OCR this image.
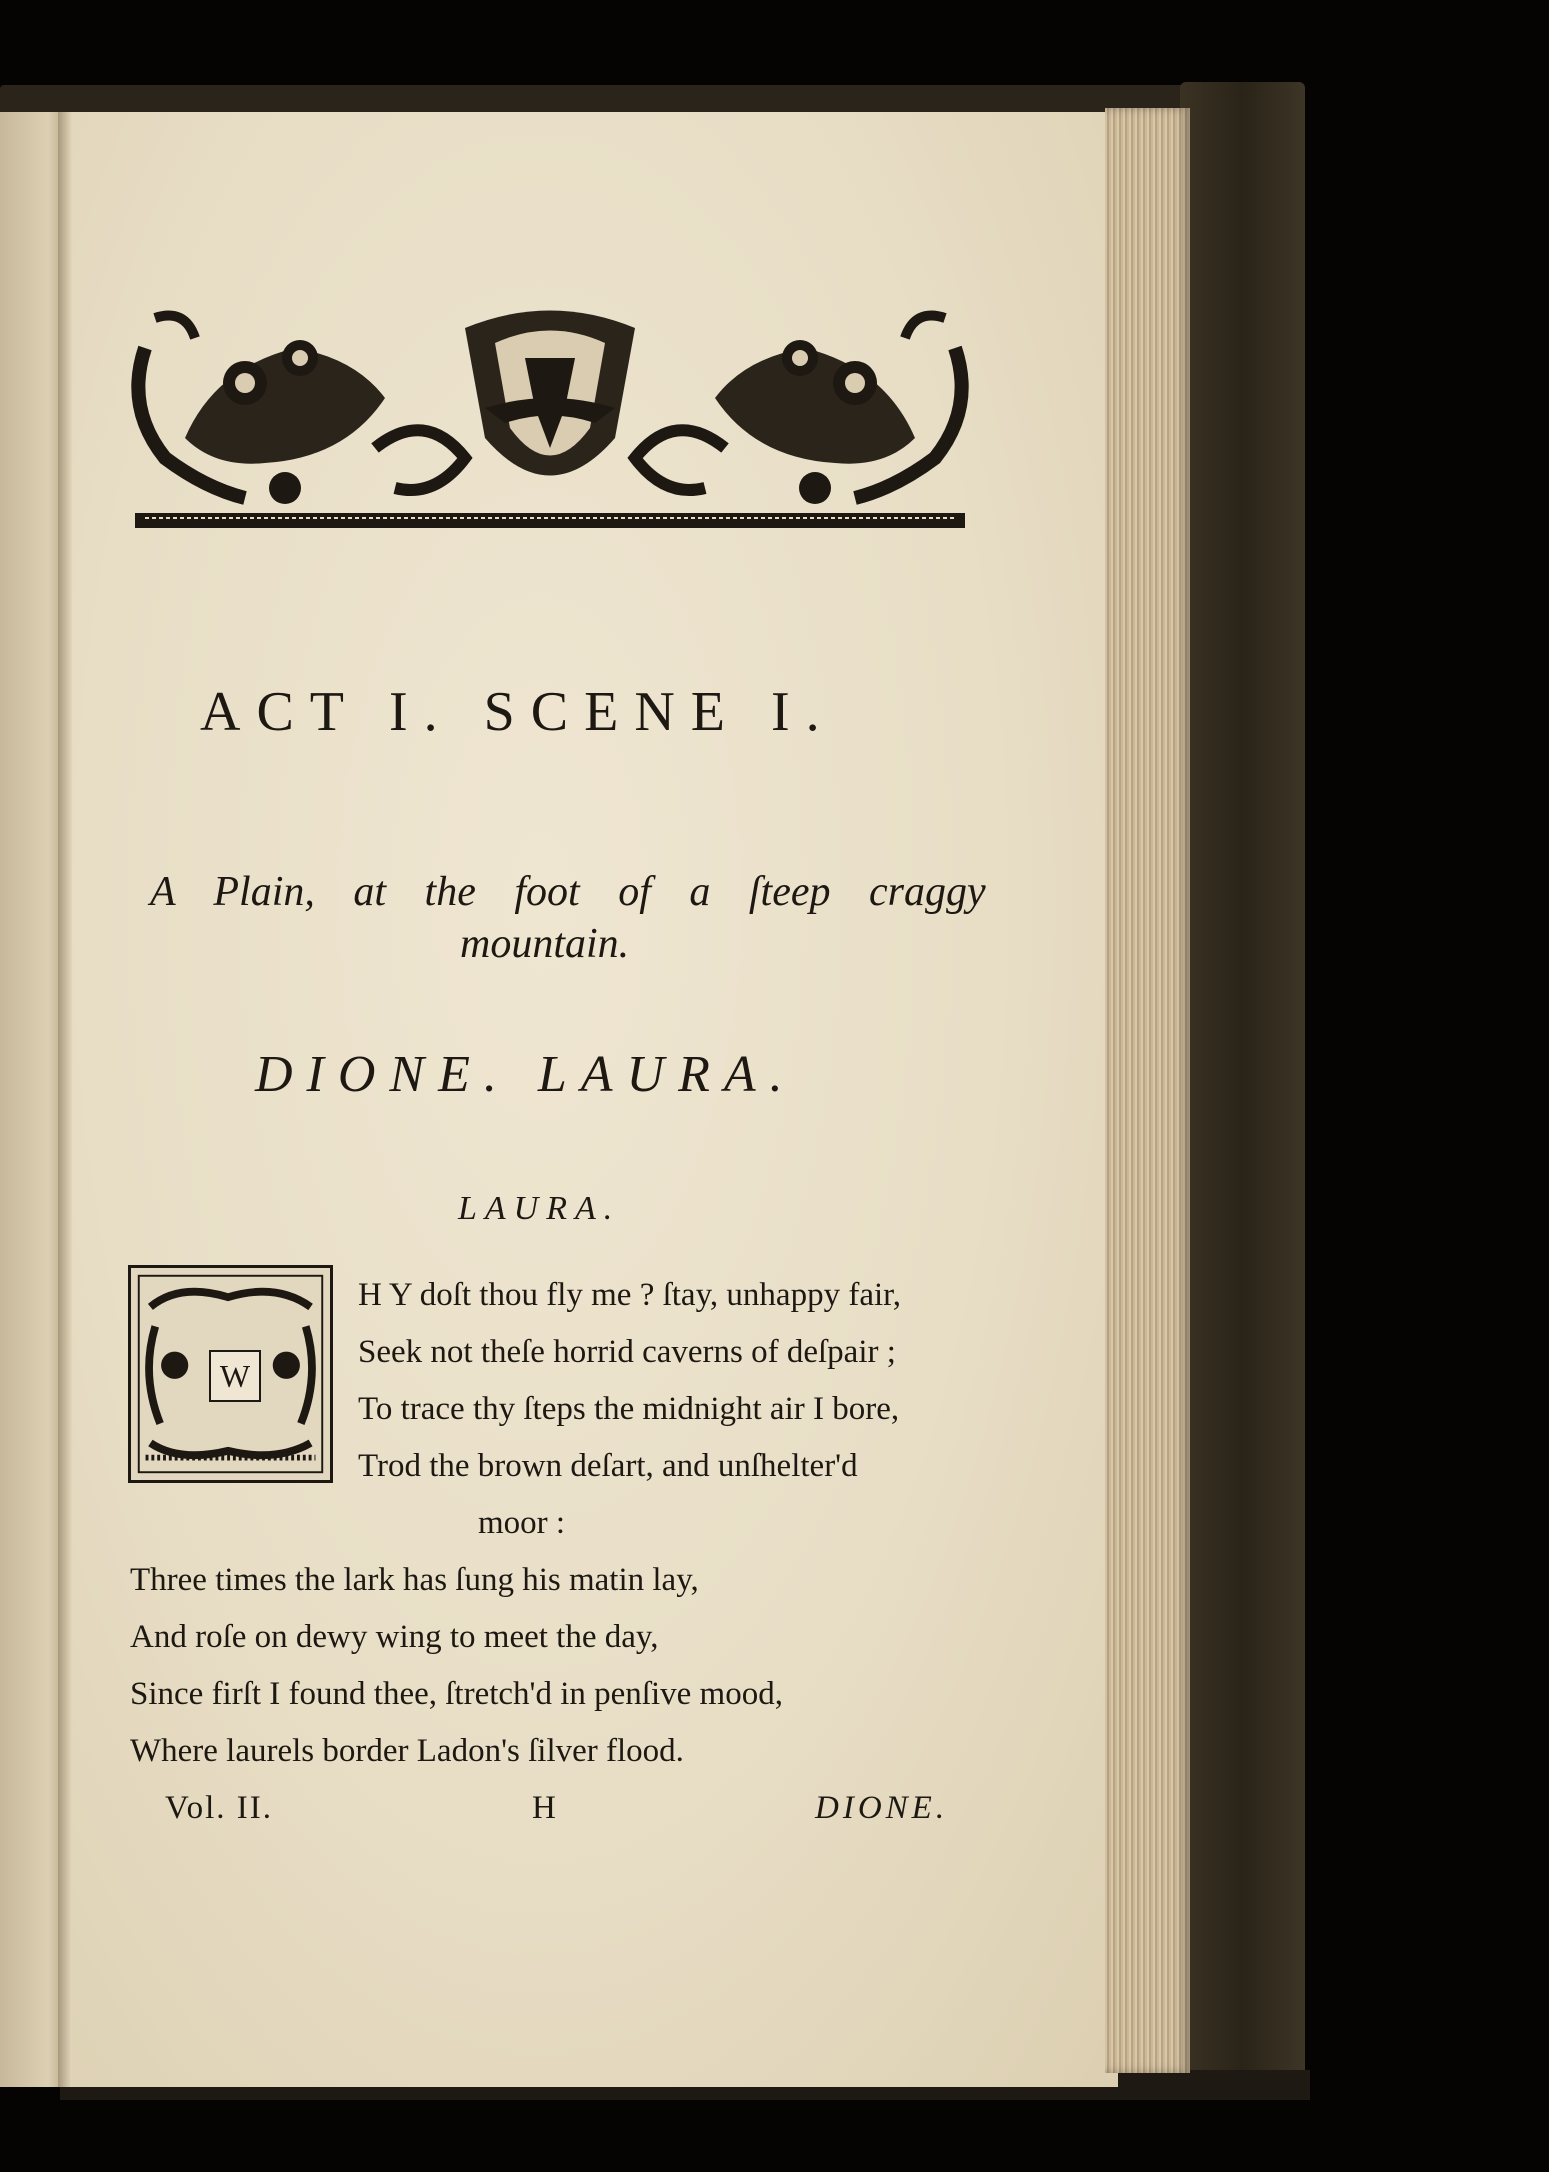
ACT I. SCENE I.
A Plain, at the foot of a ſteep craggy
mountain.
DIONE. LAURA.
LAURA.
W
H Y doſt thou fly me ? ſtay, unhappy fair,
Seek not theſe horrid caverns of deſpair ;
To trace thy ſteps the midnight air I bore,
Trod the brown deſart, and unſhelter'd
moor :
Three times the lark has ſung his matin lay,
And roſe on dewy wing to meet the day,
Since firſt I found thee, ſtretch'd in penſive mood,
Where laurels border Ladon's ſilver flood.
Vol. II.	H	DIONE.
